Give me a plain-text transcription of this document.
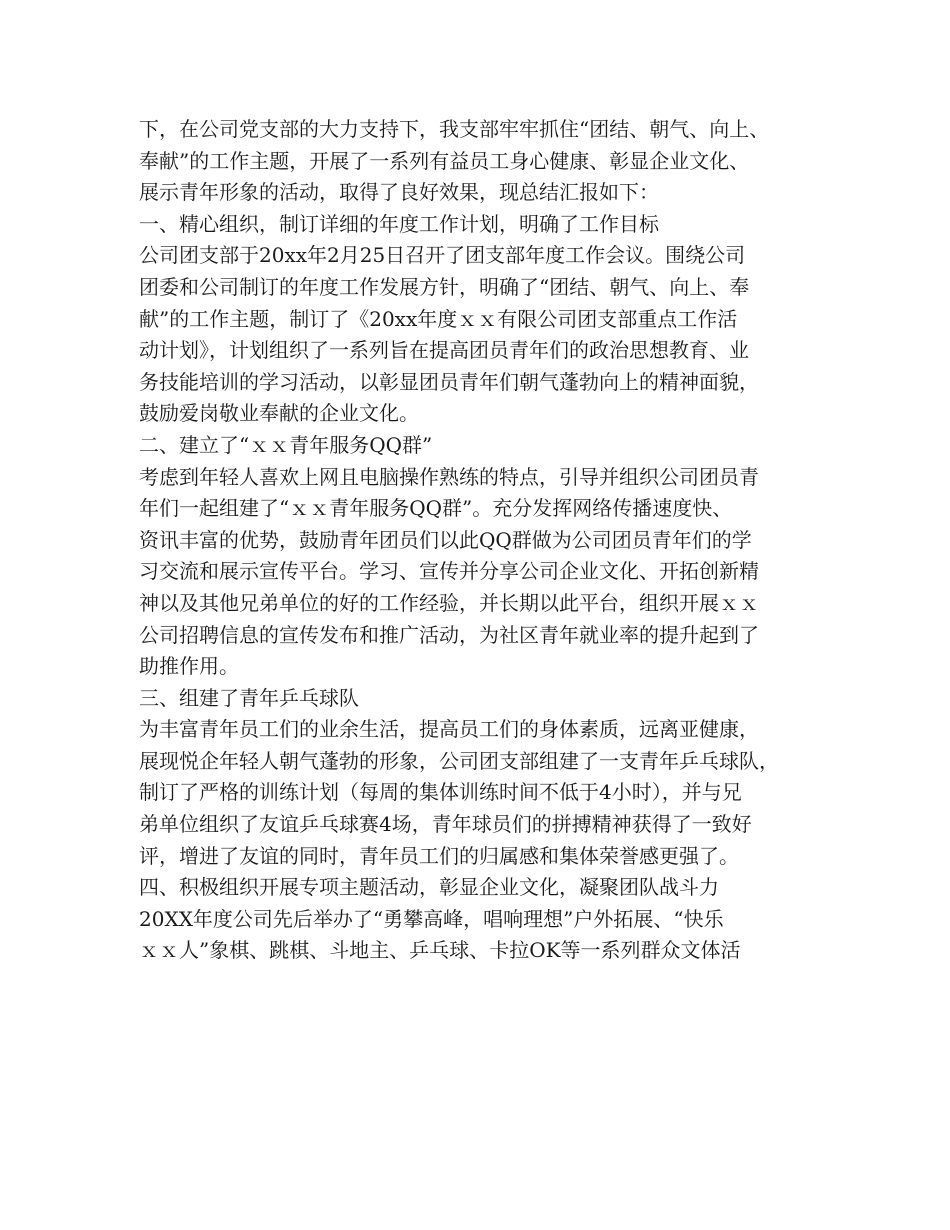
下，在公司党支部的大力支持下，我支部牢牢抓住“团结、朝气、向上、
奉献”的工作主题，开展了一系列有益员工身心健康、彰显企业文化、
展示青年形象的活动，取得了良好效果，现总结汇报如下：
一、精心组织，制订详细的年度工作计划，明确了工作目标
公司团支部于20xx年2月25日召开了团支部年度工作会议。围绕公司
团委和公司制订的年度工作发展方针，明确了“团结、朝气、向上、奉
献”的工作主题，制订了《20xx年度ｘｘ有限公司团支部重点工作活
动计划》，计划组织了一系列旨在提高团员青年们的政治思想教育、业
务技能培训的学习活动，以彰显团员青年们朝气蓬勃向上的精神面貌，
鼓励爱岗敬业奉献的企业文化。
二、建立了“ｘｘ青年服务QQ群”
考虑到年轻人喜欢上网且电脑操作熟练的特点，引导并组织公司团员青
年们一起组建了“ｘｘ青年服务QQ群”。充分发挥网络传播速度快、
资讯丰富的优势，鼓励青年团员们以此QQ群做为公司团员青年们的学
习交流和展示宣传平台。学习、宣传并分享公司企业文化、开拓创新精
神以及其他兄弟单位的好的工作经验，并长期以此平台，组织开展ｘｘ
公司招聘信息的宣传发布和推广活动，为社区青年就业率的提升起到了
助推作用。
三、组建了青年乒乓球队
为丰富青年员工们的业余生活，提高员工们的身体素质，远离亚健康，
展现悦企年轻人朝气蓬勃的形象，公司团支部组建了一支青年乒乓球队，
制订了严格的训练计划（每周的集体训练时间不低于4小时），并与兄
弟单位组织了友谊乒乓球赛4场，青年球员们的拼搏精神获得了一致好
评，增进了友谊的同时，青年员工们的归属感和集体荣誉感更强了。
四、积极组织开展专项主题活动，彰显企业文化，凝聚团队战斗力
20XX年度公司先后举办了“勇攀高峰，唱响理想”户外拓展、“快乐
ｘｘ人”象棋、跳棋、斗地主、乒乓球、卡拉OK等一系列群众文体活
